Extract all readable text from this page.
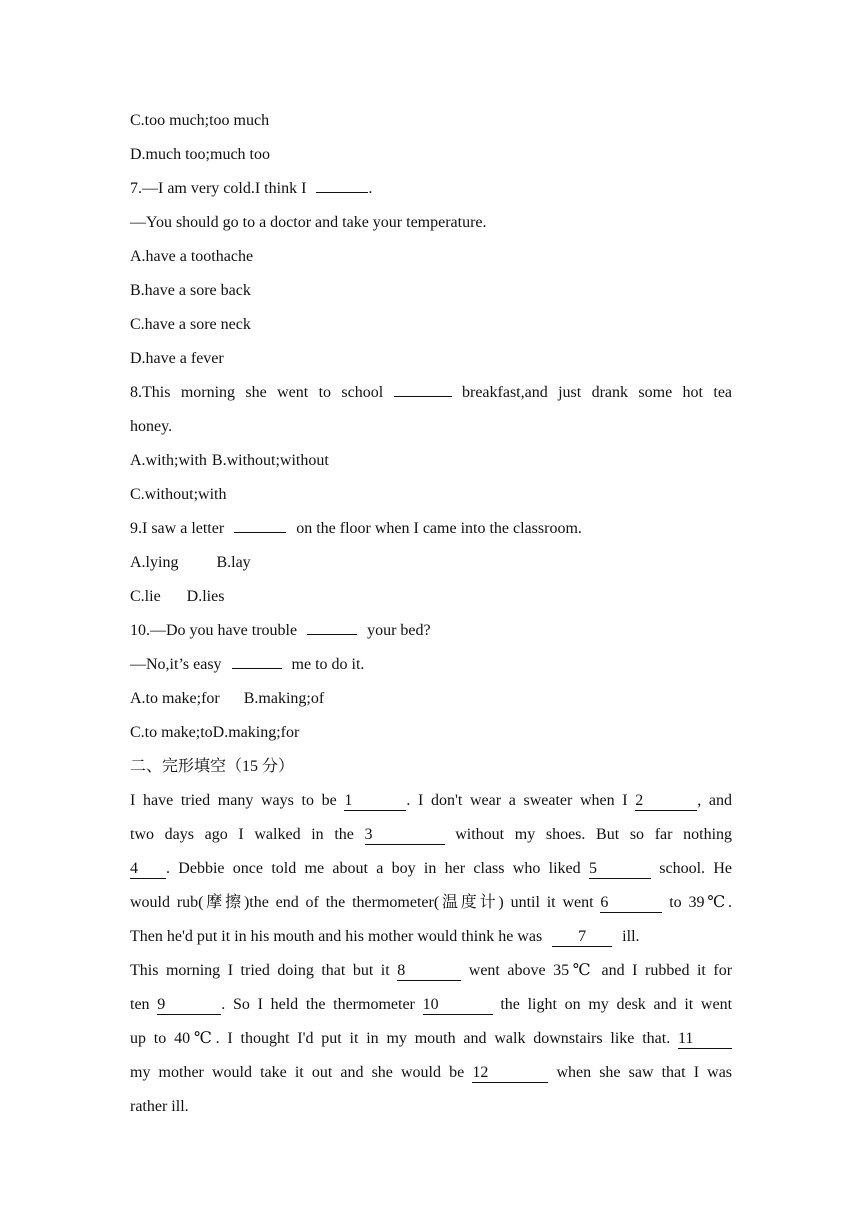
C.too much;too much
D.much too;much too
7.—I am very cold.I think I	.
—You should go to a doctor and take your temperature.
A.have a toothache
B.have a sore back
C.have a sore neck
D.have a fever
8.This morning she went to school	breakfast,and just drank some hot tea
honey.
A.with;with B.without;without
C.without;with
9.I saw a letter	on the floor when I came into the classroom.
A.lying B.lay
C.lie D.lies
10.—Do you have trouble	your bed?
—No,it’s easy	me to do it.
A.to make;for B.making;of
C.to make;toD.making;for
二、完形填空（15 分）
I have tried many ways to be 1	. I don't wear a sweater when I 2	, and
two days ago I walked in the 3	without my shoes. But so far nothing
4 . Debbie once told me about a boy in her class who liked 5	school. He
would rub(摩擦)the end of the thermometer(温度计) until it went 6	to 39℃.
Then he'd put it in his mouth and his mother would think he was 7 ill.
This morning I tried doing that but it 8	went above 35℃ and I rubbed it for
ten 9	. So I held the thermometer 10	the light on my desk and it went
up to 40℃. I thought I'd put it in my mouth and walk downstairs like that. 11
my mother would take it out and she would be 12	when she saw that I was
rather ill.
